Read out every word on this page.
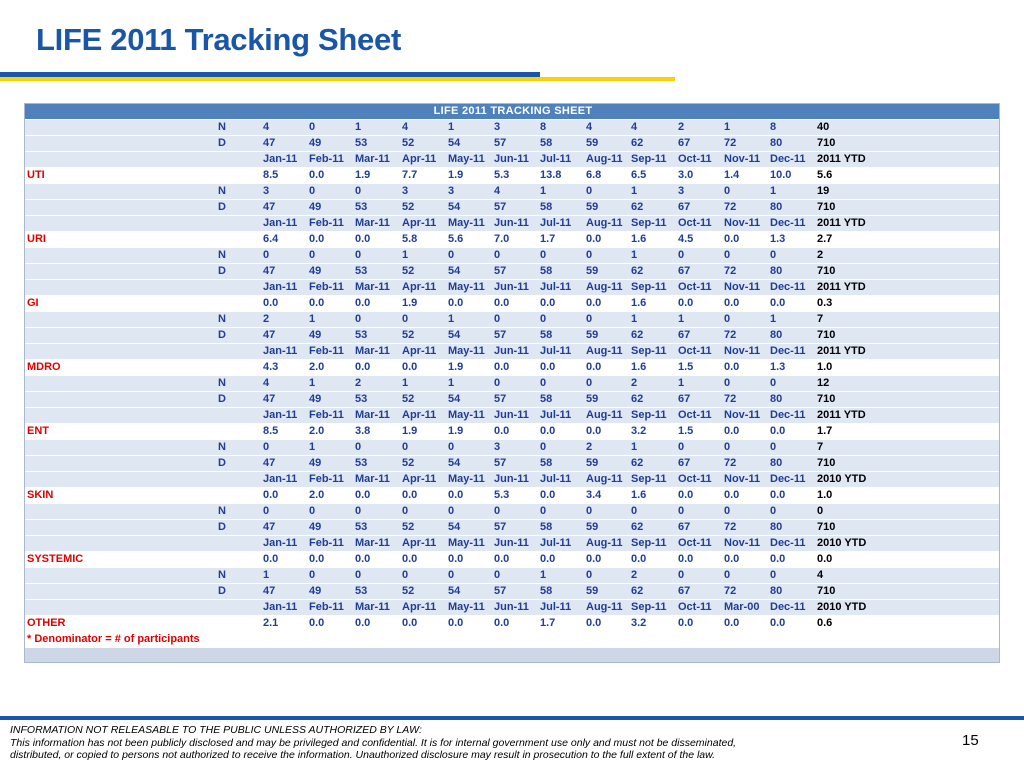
LIFE 2011 Tracking Sheet
LIFE 2011 TRACKING SHEET														
	N	4	0	1	4	1	3	8	4	4	2	1	8	40
	D	47	49	53	52	54	57	58	59	62	67	72	80	710
		Jan-11	Feb-11	Mar-11	Apr-11	May-11	Jun-11	Jul-11	Aug-11	Sep-11	Oct-11	Nov-11	Dec-11	2011 YTD
UTI		8.5	0.0	1.9	7.7	1.9	5.3	13.8	6.8	6.5	3.0	1.4	10.0	5.6
	N	3	0	0	3	3	4	1	0	1	3	0	1	19
	D	47	49	53	52	54	57	58	59	62	67	72	80	710
		Jan-11	Feb-11	Mar-11	Apr-11	May-11	Jun-11	Jul-11	Aug-11	Sep-11	Oct-11	Nov-11	Dec-11	2011 YTD
URI		6.4	0.0	0.0	5.8	5.6	7.0	1.7	0.0	1.6	4.5	0.0	1.3	2.7
	N	0	0	0	1	0	0	0	0	1	0	0	0	2
	D	47	49	53	52	54	57	58	59	62	67	72	80	710
		Jan-11	Feb-11	Mar-11	Apr-11	May-11	Jun-11	Jul-11	Aug-11	Sep-11	Oct-11	Nov-11	Dec-11	2011 YTD
GI		0.0	0.0	0.0	1.9	0.0	0.0	0.0	0.0	1.6	0.0	0.0	0.0	0.3
	N	2	1	0	0	1	0	0	0	1	1	0	1	7
	D	47	49	53	52	54	57	58	59	62	67	72	80	710
		Jan-11	Feb-11	Mar-11	Apr-11	May-11	Jun-11	Jul-11	Aug-11	Sep-11	Oct-11	Nov-11	Dec-11	2011 YTD
MDRO		4.3	2.0	0.0	0.0	1.9	0.0	0.0	0.0	1.6	1.5	0.0	1.3	1.0
	N	4	1	2	1	1	0	0	0	2	1	0	0	12
	D	47	49	53	52	54	57	58	59	62	67	72	80	710
		Jan-11	Feb-11	Mar-11	Apr-11	May-11	Jun-11	Jul-11	Aug-11	Sep-11	Oct-11	Nov-11	Dec-11	2011 YTD
ENT		8.5	2.0	3.8	1.9	1.9	0.0	0.0	0.0	3.2	1.5	0.0	0.0	1.7
	N	0	1	0	0	0	3	0	2	1	0	0	0	7
	D	47	49	53	52	54	57	58	59	62	67	72	80	710
		Jan-11	Feb-11	Mar-11	Apr-11	May-11	Jun-11	Jul-11	Aug-11	Sep-11	Oct-11	Nov-11	Dec-11	2010 YTD
SKIN		0.0	2.0	0.0	0.0	0.0	5.3	0.0	3.4	1.6	0.0	0.0	0.0	1.0
	N	0	0	0	0	0	0	0	0	0	0	0	0	0
	D	47	49	53	52	54	57	58	59	62	67	72	80	710
		Jan-11	Feb-11	Mar-11	Apr-11	May-11	Jun-11	Jul-11	Aug-11	Sep-11	Oct-11	Nov-11	Dec-11	2010 YTD
SYSTEMIC		0.0	0.0	0.0	0.0	0.0	0.0	0.0	0.0	0.0	0.0	0.0	0.0	0.0
	N	1	0	0	0	0	0	1	0	2	0	0	0	4
	D	47	49	53	52	54	57	58	59	62	67	72	80	710
		Jan-11	Feb-11	Mar-11	Apr-11	May-11	Jun-11	Jul-11	Aug-11	Sep-11	Oct-11	Mar-00	Dec-11	2010 YTD
OTHER		2.1	0.0	0.0	0.0	0.0	0.0	1.7	0.0	3.2	0.0	0.0	0.0	0.6
* Denominator = # of participants														
INFORMATION NOT RELEASABLE TO THE PUBLIC UNLESS AUTHORIZED BY LAW:
This information has not been publicly disclosed and may be privileged and confidential. It is for internal government use only and must not be disseminated,
distributed, or copied to persons not authorized to receive the information. Unauthorized disclosure may result in prosecution to the full extent of the law.
15
